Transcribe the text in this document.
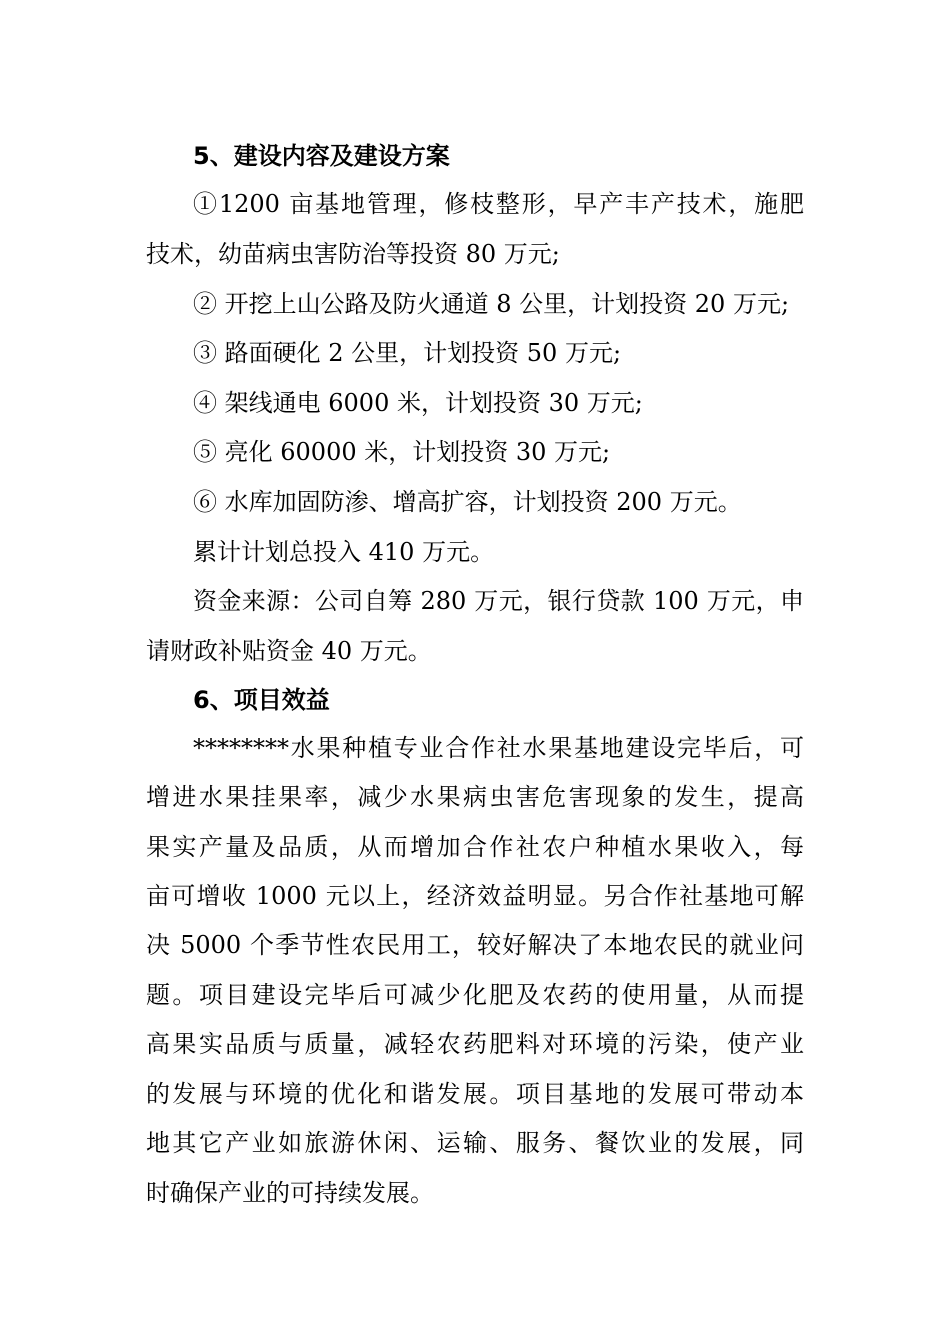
5、建设内容及建设方案
①1200 亩基地管理，修枝整形，早产丰产技术，施肥
技术，幼苗病虫害防治等投资 80 万元;
② 开挖上山公路及防火通道 8 公里，计划投资 20 万元;
③ 路面硬化 2 公里，计划投资 50 万元;
④ 架线通电 6000 米，计划投资 30 万元;
⑤ 亮化 60000 米，计划投资 30 万元;
⑥ 水库加固防渗、增高扩容，计划投资 200 万元。
累计计划总投入 410 万元。
资金来源：公司自筹 280 万元，银行贷款 100 万元，申
请财政补贴资金 40 万元。
6、项目效益
********水果种植专业合作社水果基地建设完毕后，可
增进水果挂果率，减少水果病虫害危害现象的发生，提高
果实产量及品质，从而增加合作社农户种植水果收入，每
亩可增收 1000 元以上，经济效益明显。另合作社基地可解
决 5000 个季节性农民用工，较好解决了本地农民的就业问
题。项目建设完毕后可减少化肥及农药的使用量，从而提
高果实品质与质量，减轻农药肥料对环境的污染，使产业
的发展与环境的优化和谐发展。项目基地的发展可带动本
地其它产业如旅游休闲、运输、服务、餐饮业的发展，同
时确保产业的可持续发展。
